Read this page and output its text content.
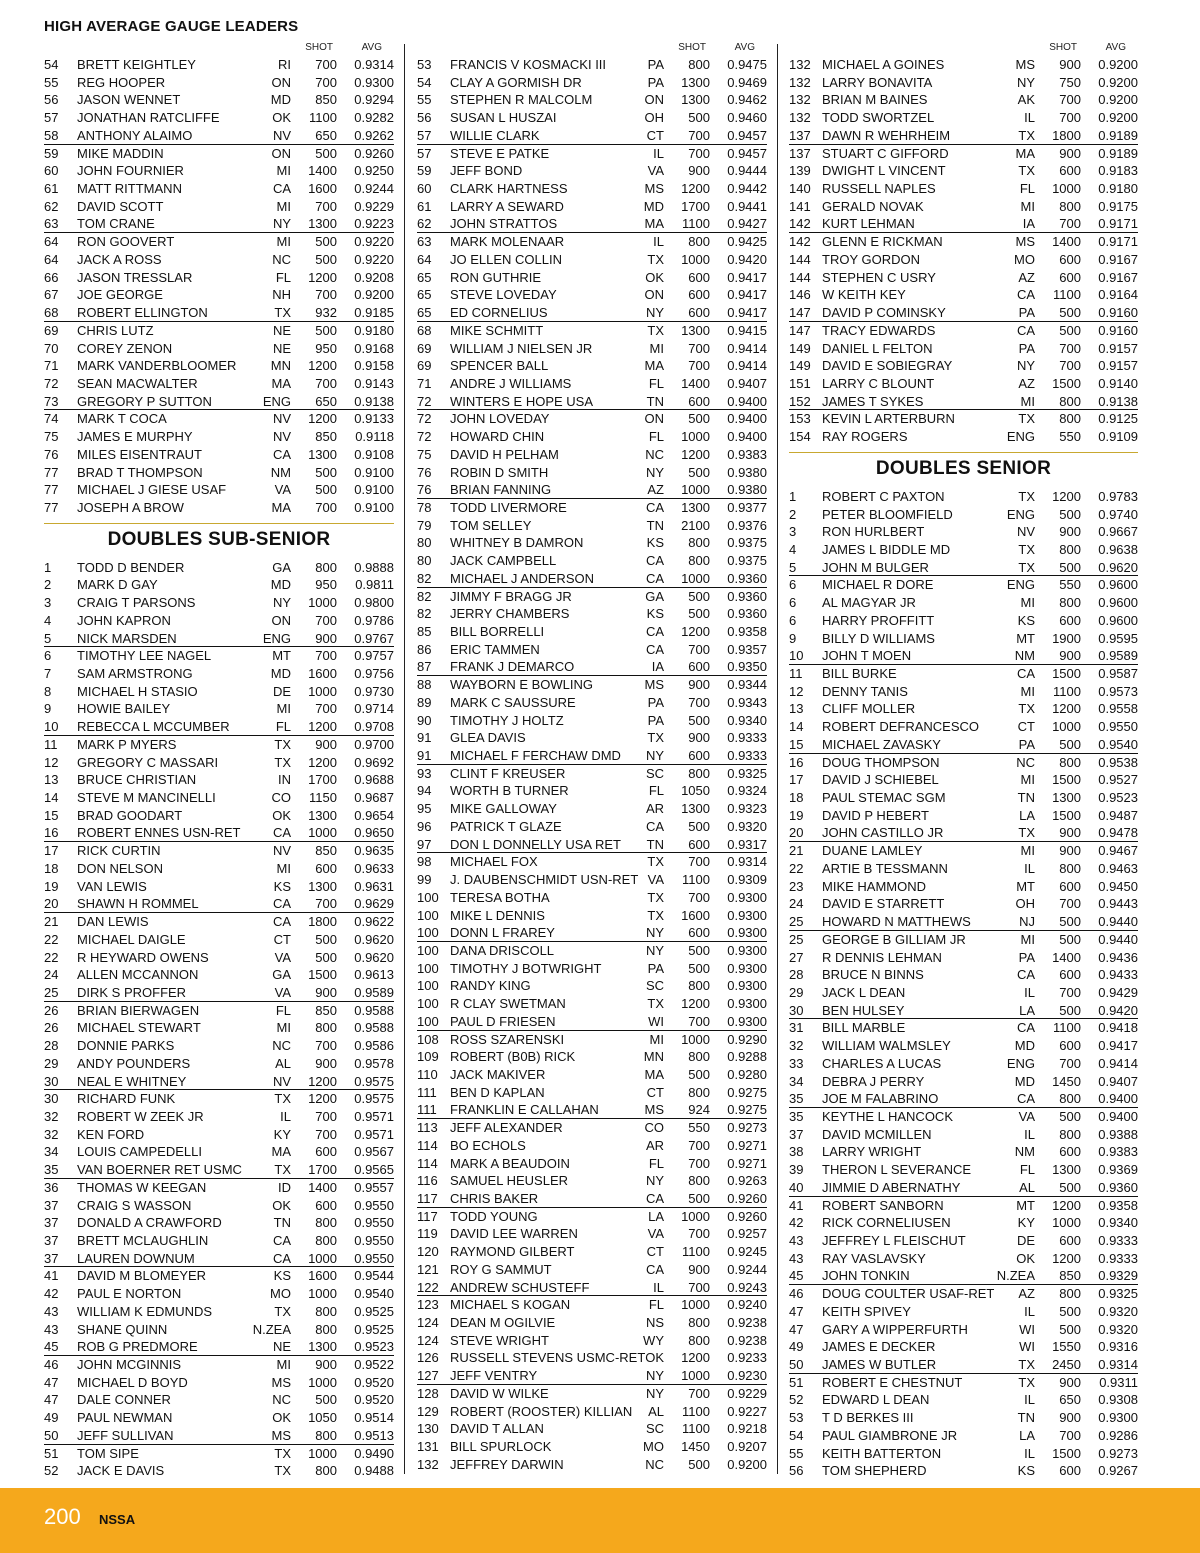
HIGH AVERAGE GAUGE LEADERS
SHOT	AVG
54 BRETT KEIGHTLEY	RI 700 0.9314
55 REG HOOPER	ON 700 0.9300
56 JASON WENNET	MD 850 0.9294
57 JONATHAN RATCLIFFE	OK 1100 0.9282
58 ANTHONY ALAIMO	NV 650 0.9262
59 MIKE MADDIN	ON 500 0.9260
60 JOHN FOURNIER	MI 1400 0.9250
61 MATT RITTMANN	CA 1600 0.9244
62 DAVID SCOTT	MI 700 0.9229
63 TOM CRANE	NY 1300 0.9223
64 RON GOOVERT	MI 500 0.9220
64 JACK A ROSS	NC 500 0.9220
66 JASON TRESSLAR	FL 1200 0.9208
67 JOE GEORGE	NH 700 0.9200
68 ROBERT ELLINGTON	TX 932 0.9185
69 CHRIS LUTZ	NE 500 0.9180
70 COREY ZENON	NE 950 0.9168
71 MARK VANDERBLOOMER	MN 1200 0.9158
72 SEAN MACWALTER	MA 700 0.9143
73 GREGORY P SUTTON	ENG 650 0.9138
74 MARK T COCA	NV 1200 0.9133
75 JAMES E MURPHY	NV 850 0.9118
76 MILES EISENTRAUT	CA 1300 0.9108
77 BRAD T THOMPSON	NM 500 0.9100
77 MICHAEL J GIESE USAF	VA 500 0.9100
77 JOSEPH A BROW	MA 700 0.9100
DOUBLES SUB-SENIOR
1 TODD D BENDER	GA 800 0.9888
2 MARK D GAY	MD 950 0.9811
3 CRAIG T PARSONS	NY 1000 0.9800
4 JOHN KAPRON	ON 700 0.9786
5 NICK MARSDEN	ENG 900 0.9767
6 TIMOTHY LEE NAGEL	MT 700 0.9757
7 SAM ARMSTRONG	MD 1600 0.9756
8 MICHAEL H STASIO	DE 1000 0.9730
9 HOWIE BAILEY	MI 700 0.9714
10 REBECCA L MCCUMBER	FL 1200 0.9708
11 MARK P MYERS	TX 900 0.9700
12 GREGORY C MASSARI	TX 1200 0.9692
13 BRUCE CHRISTIAN	IN 1700 0.9688
14 STEVE M MANCINELLI	CO 1150 0.9687
15 BRAD GOODART	OK 1300 0.9654
16 ROBERT ENNES USN-RET CA 1000 0.9650
17 RICK CURTIN	NV 850 0.9635
18 DON NELSON	MI 600 0.9633
19 VAN LEWIS	KS 1300 0.9631
20 SHAWN H ROMMEL	CA 700 0.9629
21 DAN LEWIS	CA 1800 0.9622
22 MICHAEL DAIGLE	CT 500 0.9620
22 R HEYWARD OWENS	VA 500 0.9620
24 ALLEN MCCANNON	GA 1500 0.9613
25 DIRK S PROFFER	VA 900 0.9589
26 BRIAN BIERWAGEN	FL 850 0.9588
26 MICHAEL STEWART	MI 800 0.9588
28 DONNIE PARKS	NC 700 0.9586
29 ANDY POUNDERS	AL 900 0.9578
30 NEAL E WHITNEY	NV 1200 0.9575
30 RICHARD FUNK	TX 1200 0.9575
32 ROBERT W ZEEK JR	IL 700 0.9571
32 KEN FORD	KY 700 0.9571
34 LOUIS CAMPEDELLI	MA 600 0.9567
35 VAN BOERNER RET USMC TX 1700 0.9565
36 THOMAS W KEEGAN	ID 1400 0.9557
37 CRAIG S WASSON	OK 600 0.9550
37 DONALD A CRAWFORD	TN 800 0.9550
37 BRETT MCLAUGHLIN	CA 800 0.9550
37 LAUREN DOWNUM	CA 1000 0.9550
41 DAVID M BLOMEYER	KS 1600 0.9544
42 PAUL E NORTON	MO 1000 0.9540
43 WILLIAM K EDMUNDS	TX 800 0.9525
43 SHANE QUINN	N.ZEA 800 0.9525
45 ROB G PREDMORE	NE 1300 0.9523
46 JOHN MCGINNIS	MI 900 0.9522
47 MICHAEL D BOYD	MS 1000 0.9520
47 DALE CONNER	NC 500 0.9520
49 PAUL NEWMAN	OK 1050 0.9514
50 JEFF SULLIVAN	MS 800 0.9513
51 TOM SIPE	TX 1000 0.9490
52 JACK E DAVIS	TX 800 0.9488
SHOT	AVG
53 FRANCIS V KOSMACKI III	PA 800 0.9475
54 CLAY A GORMISH DR	PA 1300 0.9469
55 STEPHEN R MALCOLM	ON 1300 0.9462
56 SUSAN L HUSZAI	OH 500 0.9460
57 WILLIE CLARK	CT 700 0.9457
57 STEVE E PATKE	IL 700 0.9457
59 JEFF BOND	VA 900 0.9444
60 CLARK HARTNESS	MS 1200 0.9442
61 LARRY A SEWARD	MD 1700 0.9441
62 JOHN STRATTOS	MA 1100 0.9427
63 MARK MOLENAAR	IL 800 0.9425
64 JO ELLEN COLLIN	TX 1000 0.9420
65 RON GUTHRIE	OK 600 0.9417
65 STEVE LOVEDAY	ON 600 0.9417
65 ED CORNELIUS	NY 600 0.9417
68 MIKE SCHMITT	TX 1300 0.9415
69 WILLIAM J NIELSEN JR	MI 700 0.9414
69 SPENCER BALL	MA 700 0.9414
71 ANDRE J WILLIAMS	FL 1400 0.9407
72 WINTERS E HOPE USA	TN 600 0.9400
72 JOHN LOVEDAY	ON 500 0.9400
72 HOWARD CHIN	FL 1000 0.9400
75 DAVID H PELHAM	NC 1200 0.9383
76 ROBIN D SMITH	NY 500 0.9380
76 BRIAN FANNING	AZ 1000 0.9380
78 TODD LIVERMORE	CA 1300 0.9377
79 TOM SELLEY	TN 2100 0.9376
80 WHITNEY B DAMRON	KS 800 0.9375
80 JACK CAMPBELL	CA 800 0.9375
82 MICHAEL J ANDERSON	CA 1000 0.9360
82 JIMMY F BRAGG JR	GA 500 0.9360
82 JERRY CHAMBERS	KS 500 0.9360
85 BILL BORRELLI	CA 1200 0.9358
86 ERIC TAMMEN	CA 700 0.9357
87 FRANK J DEMARCO	IA 600 0.9350
88 WAYBORN E BOWLING	MS 900 0.9344
89 MARK C SAUSSURE	PA 700 0.9343
90 TIMOTHY J HOLTZ	PA 500 0.9340
91 GLEA DAVIS	TX 900 0.9333
91 MICHAEL F FERCHAW DMD NY 600 0.9333
93 CLINT F KREUSER	SC 800 0.9325
94 WORTH B TURNER	FL 1050 0.9324
95 MIKE GALLOWAY	AR 1300 0.9323
96 PATRICK T GLAZE	CA 500 0.9320
97 DON L DONNELLY USA RET TN 600 0.9317
98 MICHAEL FOX	TX 700 0.9314
99 J. DAUBENSCHMIDT USN-RET VA 1100 0.9309
100 TERESA BOTHA	TX 700 0.9300
100 MIKE L DENNIS	TX 1600 0.9300
100 DONN L FRAREY	NY 600 0.9300
100 DANA DRISCOLL	NY 500 0.9300
100 TIMOTHY J BOTWRIGHT	PA 500 0.9300
100 RANDY KING	SC 800 0.9300
100 R CLAY SWETMAN	TX 1200 0.9300
100 PAUL D FRIESEN	WI 700 0.9300
108 ROSS SZARENSKI	MI 1000 0.9290
109 ROBERT (B0B) RICK	MN 800 0.9288
110 JACK MAKIVER	MA 500 0.9280
111 BEN D KAPLAN	CT 800 0.9275
111 FRANKLIN E CALLAHAN	MS 924 0.9275
113 JEFF ALEXANDER	CO 550 0.9273
114 BO ECHOLS	AR 700 0.9271
114 MARK A BEAUDOIN	FL 700 0.9271
116 SAMUEL HEUSLER	NY 800 0.9263
117 CHRIS BAKER	CA 500 0.9260
117 TODD YOUNG	LA 1000 0.9260
119 DAVID LEE WARREN	VA 700 0.9257
120 RAYMOND GILBERT	CT 1100 0.9245
121 ROY G SAMMUT	CA 900 0.9244
122 ANDREW SCHUSTEFF	IL 700 0.9243
123 MICHAEL S KOGAN	FL 1000 0.9240
124 DEAN M OGILVIE	NS 800 0.9238
124 STEVE WRIGHT	WY 800 0.9238
126 RUSSELL STEVENS USMC-RET OK 1200 0.9233
127 JEFF VENTRY	NY 1000 0.9230
128 DAVID W WILKE	NY 700 0.9229
129 ROBERT (ROOSTER) KILLIAN AL 1100 0.9227
130 DAVID T ALLAN	SC 1100 0.9218
131 BILL SPURLOCK	MO 1450 0.9207
132 JEFFREY DARWIN	NC 500 0.9200
SHOT	AVG
132 MICHAEL A GOINES	MS 900 0.9200
132 LARRY BONAVITA	NY 750 0.9200
132 BRIAN M BAINES	AK 700 0.9200
132 TODD SWORTZEL	IL 700 0.9200
137 DAWN R WEHRHEIM	TX 1800 0.9189
137 STUART C GIFFORD	MA 900 0.9189
139 DWIGHT L VINCENT	TX 600 0.9183
140 RUSSELL NAPLES	FL 1000 0.9180
141 GERALD NOVAK	MI 800 0.9175
142 KURT LEHMAN	IA 700 0.9171
142 GLENN E RICKMAN	MS 1400 0.9171
144 TROY GORDON	MO 600 0.9167
144 STEPHEN C USRY	AZ 600 0.9167
146 W KEITH KEY	CA 1100 0.9164
147 DAVID P COMINSKY	PA 500 0.9160
147 TRACY EDWARDS	CA 500 0.9160
149 DANIEL L FELTON	PA 700 0.9157
149 DAVID E SOBIEGRAY	NY 700 0.9157
151 LARRY C BLOUNT	AZ 1500 0.9140
152 JAMES T SYKES	MI 800 0.9138
153 KEVIN L ARTERBURN	TX 800 0.9125
154 RAY ROGERS	ENG 550 0.9109
DOUBLES SENIOR
1 ROBERT C PAXTON	TX 1200 0.9783
2 PETER BLOOMFIELD	ENG 500 0.9740
3 RON HURLBERT	NV 900 0.9667
4 JAMES L BIDDLE MD	TX 800 0.9638
5 JOHN M BULGER	TX 500 0.9620
6 MICHAEL R DORE	ENG 550 0.9600
6 AL MAGYAR JR	MI 800 0.9600
6 HARRY PROFFITT	KS 600 0.9600
9 BILLY D WILLIAMS	MT 1900 0.9595
10 JOHN T MOEN	NM 900 0.9589
11 BILL BURKE	CA 1500 0.9587
12 DENNY TANIS	MI 1100 0.9573
13 CLIFF MOLLER	TX 1200 0.9558
14 ROBERT DEFRANCESCO	CT 1000 0.9550
15 MICHAEL ZAVASKY	PA 500 0.9540
16 DOUG THOMPSON	NC 800 0.9538
17 DAVID J SCHIEBEL	MI 1500 0.9527
18 PAUL STEMAC SGM	TN 1300 0.9523
19 DAVID P HEBERT	LA 1500 0.9487
20 JOHN CASTILLO JR	TX 900 0.9478
21 DUANE LAMLEY	MI 900 0.9467
22 ARTIE B TESSMANN	IL 800 0.9463
23 MIKE HAMMOND	MT 600 0.9450
24 DAVID E STARRETT	OH 700 0.9443
25 HOWARD N MATTHEWS	NJ 500 0.9440
25 GEORGE B GILLIAM JR	MI 500 0.9440
27 R DENNIS LEHMAN	PA 1400 0.9436
28 BRUCE N BINNS	CA 600 0.9433
29 JACK L DEAN	IL 700 0.9429
30 BEN HULSEY	LA 500 0.9420
31 BILL MARBLE	CA 1100 0.9418
32 WILLIAM WALMSLEY	MD 600 0.9417
33 CHARLES A LUCAS	ENG 700 0.9414
34 DEBRA J PERRY	MD 1450 0.9407
35 JOE M FALABRINO	CA 800 0.9400
35 KEYTHE L HANCOCK	VA 500 0.9400
37 DAVID MCMILLEN	IL 800 0.9388
38 LARRY WRIGHT	NM 600 0.9383
39 THERON L SEVERANCE	FL 1300 0.9369
40 JIMMIE D ABERNATHY	AL 500 0.9360
41 ROBERT SANBORN	MT 1200 0.9358
42 RICK CORNELIUSEN	KY 1000 0.9340
43 JEFFREY L FLEISCHUT	DE 600 0.9333
43 RAY VASLAVSKY	OK 1200 0.9333
45 JOHN TONKIN	N.ZEA 850 0.9329
46 DOUG COULTER USAF-RET AZ 800 0.9325
47 KEITH SPIVEY	IL 500 0.9320
47 GARY A WIPPERFURTH	WI 500 0.9320
49 JAMES E DECKER	WI 1550 0.9316
50 JAMES W BUTLER	TX 2450 0.9314
51 ROBERT E CHESTNUT	TX 900 0.9311
52 EDWARD L DEAN	IL 650 0.9308
53 T D BERKES III	TN 900 0.9300
54 PAUL GIAMBRONE JR	LA 700 0.9286
55 KEITH BATTERTON	IL 1500 0.9273
56 TOM SHEPHERD	KS 600 0.9267
200 NSSA
